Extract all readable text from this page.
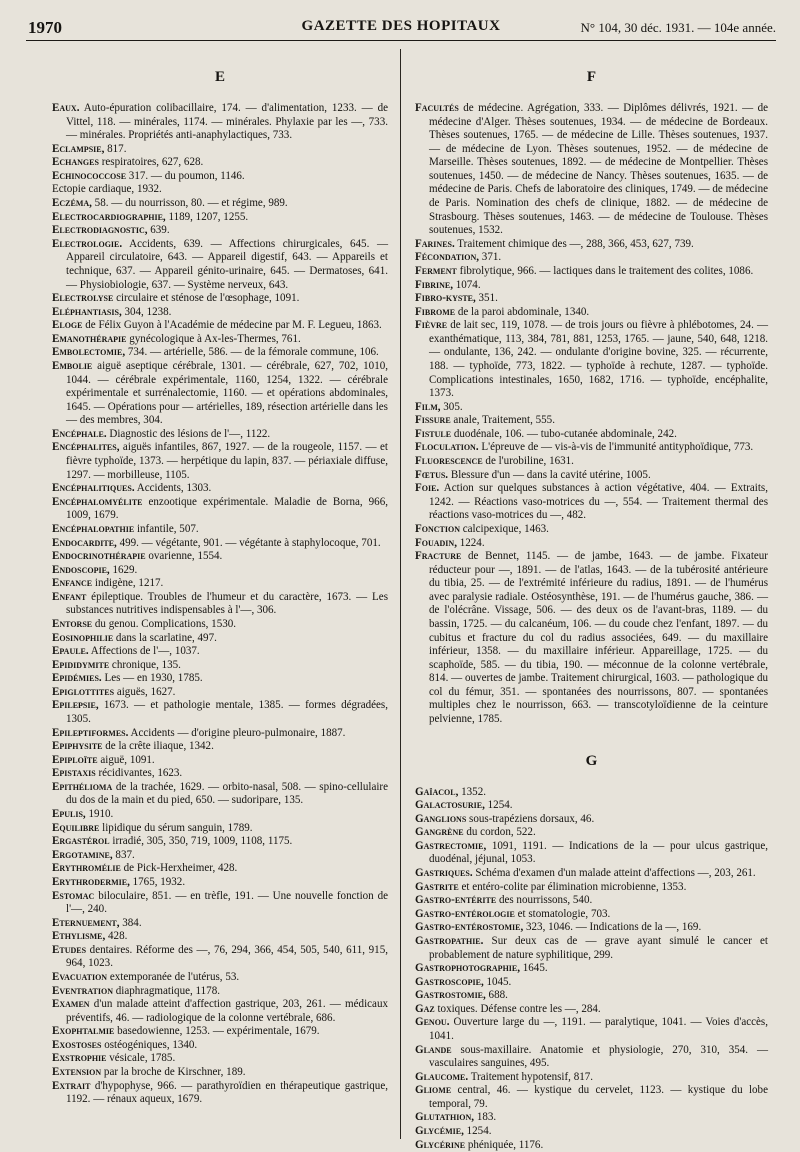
1970	GAZETTE DES HOPITAUX	N° 104, 30 déc. 1931. — 104e année.
E

Eaux. Auto-épuration colibacillaire, 174. — d'alimentation, 1233. — de Vittel, 118. — minérales, 1174. — minérales. Phylaxie par les —, 733. — minérales. Propriétés anti-anaphylactiques, 733.

Eclampsie, 817.

Echanges respiratoires, 627, 628.

Echinococcose 317. — du poumon, 1146.

Ectopie cardiaque, 1932.

Eczéma, 58. — du nourrisson, 80. — et régime, 989.

Electrocardiographie, 1189, 1207, 1255.

Electrodiagnostic, 639.

Electrologie. Accidents, 639. — Affections chirurgicales, 645. — Appareil circulatoire, 643. — Appareil digestif, 643. — Appareils et technique, 637. — Appareil génito-urinaire, 645. — Dermatoses, 641. — Physiobiologie, 637. — Système nerveux, 643.

Electrolyse circulaire et sténose de l'œsophage, 1091.

Eléphantiasis, 304, 1238.

Eloge de Félix Guyon à l'Académie de médecine par M. F. Legueu, 1863.

Emanothérapie gynécologique à Ax-les-Thermes, 761.

Embolectomie, 734. — artérielle, 586. — de la fémorale commune, 106.

Embolie aiguë aseptique cérébrale, 1301. — cérébrale, 627, 702, 1010, 1044. — cérébrale expérimentale, 1160, 1254, 1322. — cérébrale expérimentale et surrénalectomie, 1160. — et opérations abdominales, 1645. — Opérations pour — artérielles, 189, résection artérielle dans les — des membres, 304.

Encéphale. Diagnostic des lésions de l'—, 1122.

Encéphalites, aiguës infantiles, 867, 1927. — de la rougeole, 1157. — et fièvre typhoïde, 1373. — herpétique du lapin, 837. — périaxiale diffuse, 1297. — morbilleuse, 1105.

Encéphalitiques. Accidents, 1303.

Encéphalomyélite enzootique expérimentale. Maladie de Borna, 966, 1009, 1679.

Encéphalopathie infantile, 507.

Endocardite, 499. — végétante, 901. — végétante à staphylocoque, 701.

Endocrinothérapie ovarienne, 1554.

Endoscopie, 1629.

Enfance indigène, 1217.

Enfant épileptique. Troubles de l'humeur et du caractère, 1673. — Les substances nutritives indispensables à l'—, 306.

Entorse du genou. Complications, 1530.

Eosinophilie dans la scarlatine, 497.

Epaule. Affections de l'—, 1037.

Epididymite chronique, 135.

Epidémies. Les — en 1930, 1785.

Epiglottites aiguës, 1627.

Epilepsie, 1673. — et pathologie mentale, 1385. — formes dégradées, 1305.

Epileptiformes. Accidents — d'origine pleuro-pulmonaire, 1887.

Epiphysite de la crête iliaque, 1342.

Epiploïte aiguë, 1091.

Epistaxis récidivantes, 1623.

Epithélioma de la trachée, 1629. — orbito-nasal, 508. — spino-cellulaire du dos de la main et du pied, 650. — sudoripare, 135.

Epulis, 1910.

Equilibre lipidique du sérum sanguin, 1789.

Ergastérol irradié, 305, 350, 719, 1009, 1108, 1175.

Ergotamine, 837.

Erythromélie de Pick-Herxheimer, 428.

Erythrodermie, 1765, 1932.

Estomac biloculaire, 851. — en trèfle, 191. — Une nouvelle fonction de l'—, 240.

Eternuement, 384.

Ethylisme, 428.

Etudes dentaires. Réforme des —, 76, 294, 366, 454, 505, 540, 611, 915, 964, 1023.

Evacuation extemporanée de l'utérus, 53.

Eventration diaphragmatique, 1178.

Examen d'un malade atteint d'affection gastrique, 203, 261. — médicaux préventifs, 46. — radiologique de la colonne vertébrale, 686.

Exophtalmie basedowienne, 1253. — expérimentale, 1679.

Exostoses ostéogéniques, 1340.

Exstrophie vésicale, 1785.

Extension par la broche de Kirschner, 189.

Extrait d'hypophyse, 966. — parathyroïdien en thérapeutique gastrique, 1192. — rénaux aqueux, 1679.

F

Facultés de médecine. Agrégation, 333. — Diplômes délivrés, 1921. — de médecine d'Alger. Thèses soutenues, 1934. — de médecine de Bordeaux. Thèses soutenues, 1765. — de médecine de Lille. Thèses soutenues, 1937. — de médecine de Lyon. Thèses soutenues, 1952. — de médecine de Marseille. Thèses soutenues, 1892. — de médecine de Montpellier. Thèses soutenues, 1450. — de médecine de Nancy. Thèses soutenues, 1635. — de médecine de Paris. Chefs de laboratoire des cliniques, 1749. — de médecine de Paris. Nomination des chefs de clinique, 1882. — de médecine de Strasbourg. Thèses soutenues, 1463. — de médecine de Toulouse. Thèses soutenues, 1532.

Farines. Traitement chimique des —, 288, 366, 453, 627, 739.

Fécondation, 371.

Ferment fibrolytique, 966. — lactiques dans le traitement des colites, 1086.

Fibrine, 1074.

Fibro-kyste, 351.

Fibrome de la paroi abdominale, 1340.

Fièvre de lait sec, 119, 1078. — de trois jours ou fièvre à phlébotomes, 24. — exanthématique, 113, 384, 781, 881, 1253, 1765. — jaune, 540, 648, 1218. — ondulante, 136, 242. — ondulante d'origine bovine, 325. — récurrente, 188. — typhoïde, 773, 1822. — typhoïde à rechute, 1287. — typhoïde. Complications intestinales, 1650, 1682, 1716. — typhoïde, encéphalite, 1373.

Film, 305.

Fissure anale, Traitement, 555.

Fistule duodénale, 106. — tubo-cutanée abdominale, 242.

Floculation. L'épreuve de — vis-à-vis de l'immunité antityphoïdique, 773.

Fluorescence de l'urobiline, 1631.

Fœtus. Blessure d'un — dans la cavité utérine, 1005.

Foie. Action sur quelques substances à action végétative, 404. — Extraits, 1242. — Réactions vaso-motrices du —, 554. — Traitement thermal des réactions vaso-motrices du —, 482.

Fonction calcipexique, 1463.

Fouadin, 1224.

Fracture de Bennet, 1145. — de jambe, 1643. — de jambe. Fixateur réducteur pour —, 1891. — de l'atlas, 1643. — de la tubérosité antérieure du tibia, 25. — de l'extrémité inférieure du radius, 1891. — de l'humérus avec paralysie radiale. Ostéosynthèse, 191. — de l'humérus gauche, 386. — de l'olécrâne. Vissage, 506. — des deux os de l'avant-bras, 1189. — du bassin, 1725. — du calcanéum, 106. — du coude chez l'enfant, 1897. — du cubitus et fracture du col du radius associées, 649. — du maxillaire inférieur, 1358. — du maxillaire inférieur. Appareillage, 1725. — du scaphoïde, 585. — du tibia, 190. — méconnue de la colonne vertébrale, 814. — ouvertes de jambe. Traitement chirurgical, 1603. — pathologique du col du fémur, 351. — spontanées des nourrissons, 807. — spontanées multiples chez le nourrisson, 663. — transcotyloïdienne de la ceinture pelvienne, 1785.

G

Gaïacol, 1352.

Galactosurie, 1254.

Ganglions sous-trapéziens dorsaux, 46.

Gangrène du cordon, 522.

Gastrectomie, 1091, 1191. — Indications de la — pour ulcus gastrique, duodénal, jéjunal, 1053.

Gastriques. Schéma d'examen d'un malade atteint d'affections —, 203, 261.

Gastrite et entéro-colite par élimination microbienne, 1353.

Gastro-entérite des nourrissons, 540.

Gastro-entérologie et stomatologie, 703.

Gastro-entérostomie, 323, 1046. — Indications de la —, 169.

Gastropathie. Sur deux cas de — grave ayant simulé le cancer et probablement de nature syphilitique, 299.

Gastrophotographie, 1645.

Gastroscopie, 1045.

Gastrostomie, 688.

Gaz toxiques. Défense contre les —, 284.

Genou. Ouverture large du —, 1191. — paralytique, 1041. — Voies d'accès, 1041.

Glande sous-maxillaire. Anatomie et physiologie, 270, 310, 354. — vasculaires sanguines, 495.

Glaucome. Traitement hypotensif, 817.

Gliome central, 46. — kystique du cervelet, 1123. — kystique du lobe temporal, 79.

Glutathion, 183.

Glycémie, 1254.

Glycérine phéniquée, 1176.
